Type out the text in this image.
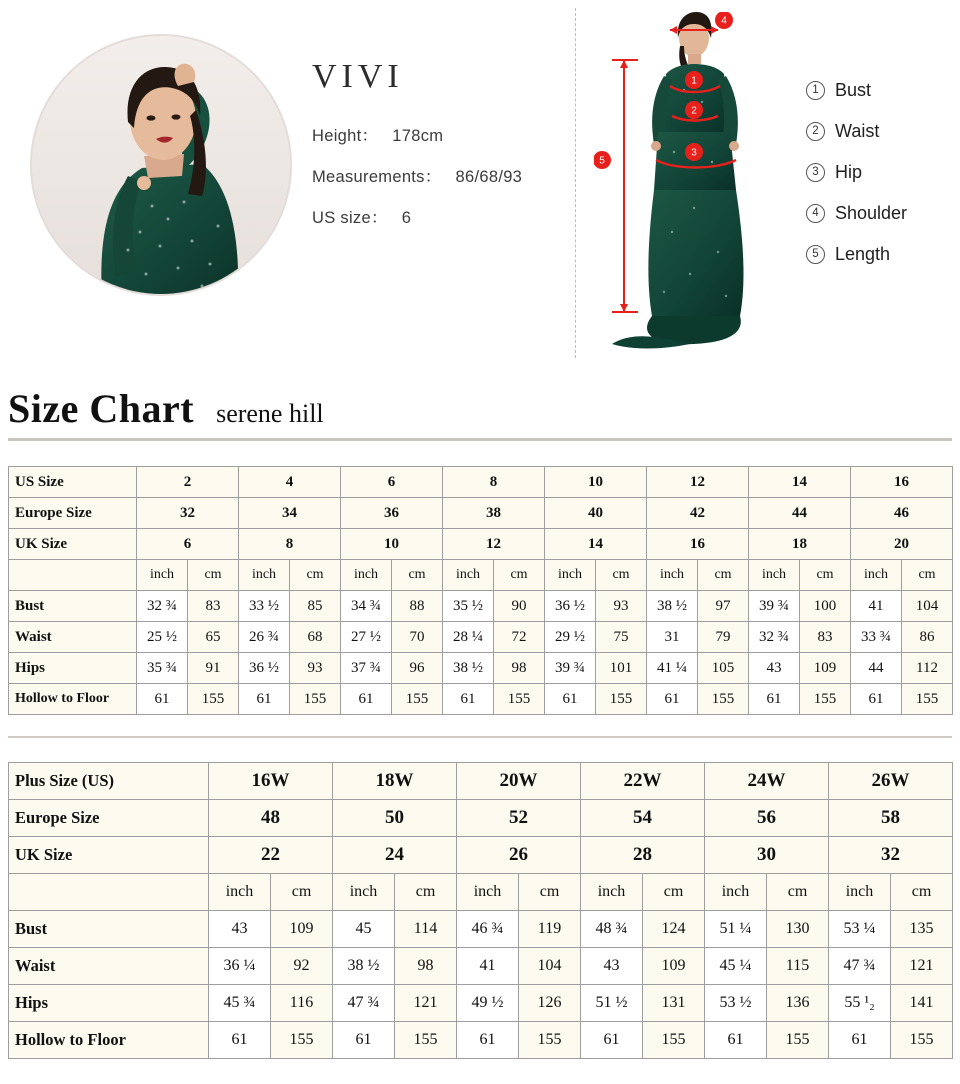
VIVI
Height： 178cm
Measurements： 86/68/93
US size： 6
4
1
2
3
5
1 Bust
2 Waist
3 Hip
4 Shoulder
5 Length
Size Chart serene hill
US Size	2		4		6		8		10		12		14		16	
Europe Size	32		34		36		38		40		42		44		46	
UK Size	6		8		10		12		14		16		18		20	
	inch	cm	inch	cm	inch	cm	inch	cm	inch	cm	inch	cm	inch	cm	inch	cm
Bust	32 ¾	83	33 ½	85	34 ¾	88	35 ½	90	36 ½	93	38 ½	97	39 ¾	100	41	104
Waist	25 ½	65	26 ¾	68	27 ½	70	28 ¼	72	29 ½	75	31	79	32 ¾	83	33 ¾	86
Hips	35 ¾	91	36 ½	93	37 ¾	96	38 ½	98	39 ¾	101	41 ¼	105	43	109	44	112
Hollow to Floor	61	155	61	155	61	155	61	155	61	155	61	155	61	155	61	155
Plus Size (US)	16W		18W		20W		22W		24W		26W	
Europe Size	48		50		52		54		56		58	
UK Size	22		24		26		28		30		32	
	inch	cm	inch	cm	inch	cm	inch	cm	inch	cm	inch	cm
Bust	43	109	45	114	46 ¾	119	48 ¾	124	51 ¼	130	53 ¼	135
Waist	36 ¼	92	38 ½	98	41	104	43	109	45 ¼	115	47 ¾	121
Hips	45 ¾	116	47 ¾	121	49 ½	126	51 ½	131	53 ½	136	55 ¹₂	141
Hollow to Floor	61	155	61	155	61	155	61	155	61	155	61	155
